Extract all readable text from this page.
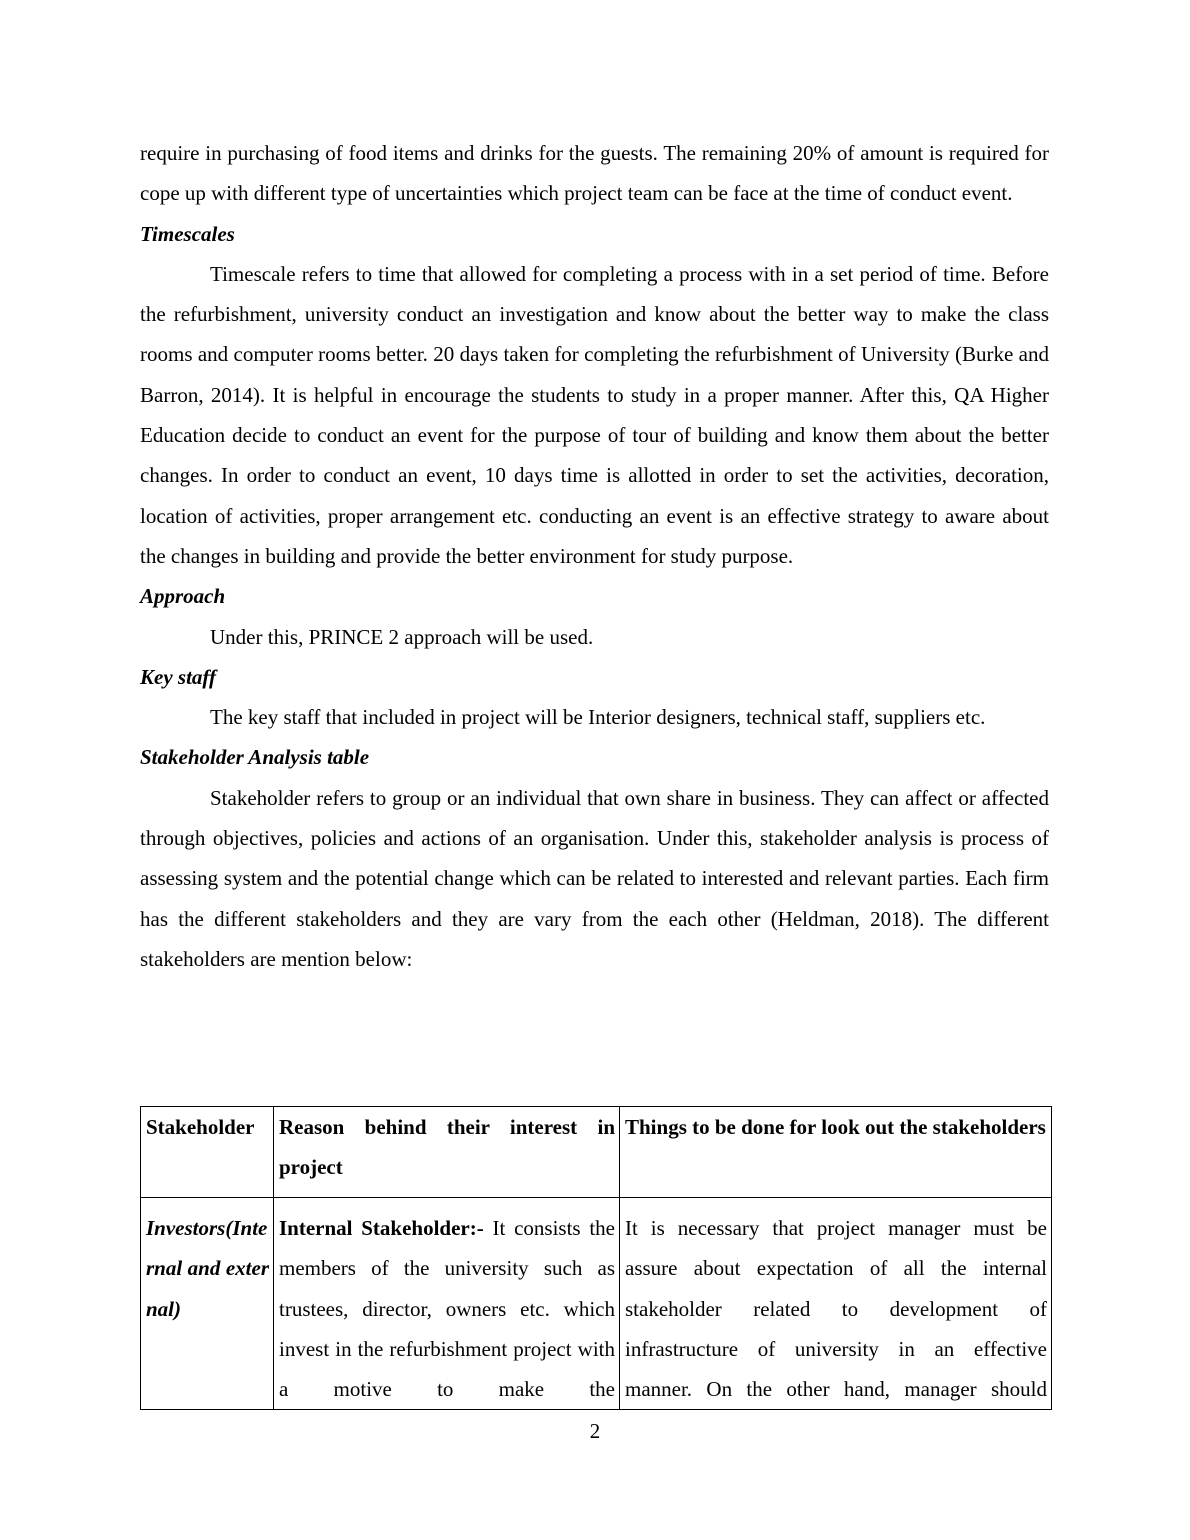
require in purchasing of food items and drinks for the guests. The remaining 20% of amount is required for cope up with different type of uncertainties which project team can be face at the time of conduct event.

Timescales

Timescale refers to time that allowed for completing a process with in a set period of time. Before the refurbishment, university conduct an investigation and know about the better way to make the class rooms and computer rooms better. 20 days taken for completing the refurbishment of University (Burke and Barron, 2014). It is helpful in encourage the students to study in a proper manner. After this, QA Higher Education decide to conduct an event for the purpose of tour of building and know them about the better changes. In order to conduct an event, 10 days time is allotted in order to set the activities, decoration, location of activities, proper arrangement etc. conducting an event is an effective strategy to aware about the changes in building and provide the better environment for study purpose.

Approach

Under this, PRINCE 2 approach will be used.

Key staff

The key staff that included in project will be Interior designers, technical staff, suppliers etc.

Stakeholder Analysis table

Stakeholder refers to group or an individual that own share in business. They can affect or affected through objectives, policies and actions of an organisation. Under this, stakeholder analysis is process of assessing system and the potential change which can be related to interested and relevant parties. Each firm has the different stakeholders and they are vary from the each other (Heldman, 2018). The different stakeholders are mention below:

Stakeholder	Reason behind their interest in project	Things to be done for look out the stakeholders

Investors(Internal and external)	Internal Stakeholder:- It consists the members of the university such as trustees, director, owners etc. which invest in the refurbishment project with a motive to make the	It is necessary that project manager must be assure about expectation of all the internal stakeholder related to development of infrastructure of university in an effective manner. On the other hand, manager should
2
